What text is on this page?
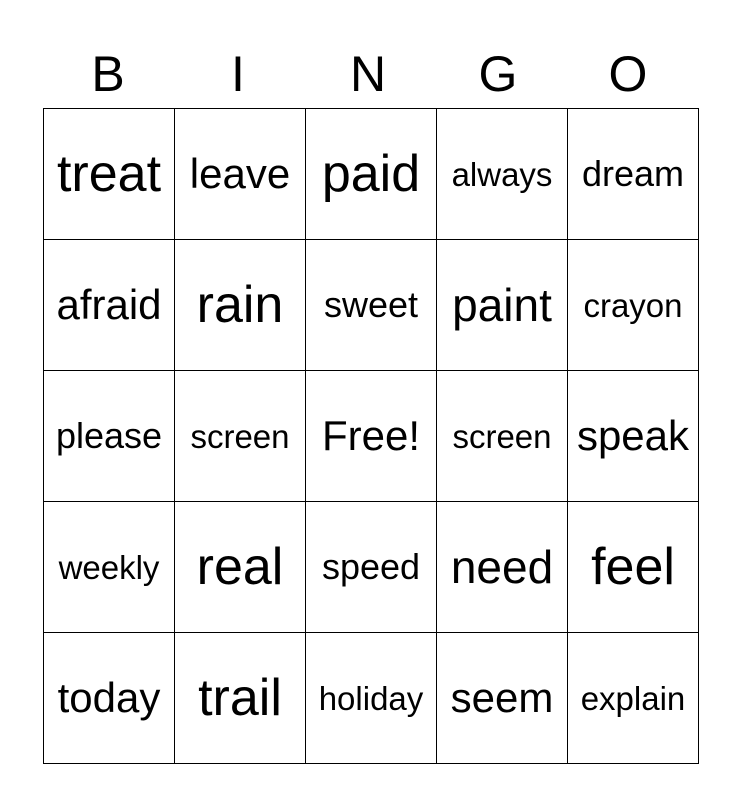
B	I	N	G	O
treat	leave	paid	always	dream
afraid	rain	sweet	paint	crayon
please	screen	Free!	screen	speak
weekly	real	speed	need	feel
today	trail	holiday	seem	explain
